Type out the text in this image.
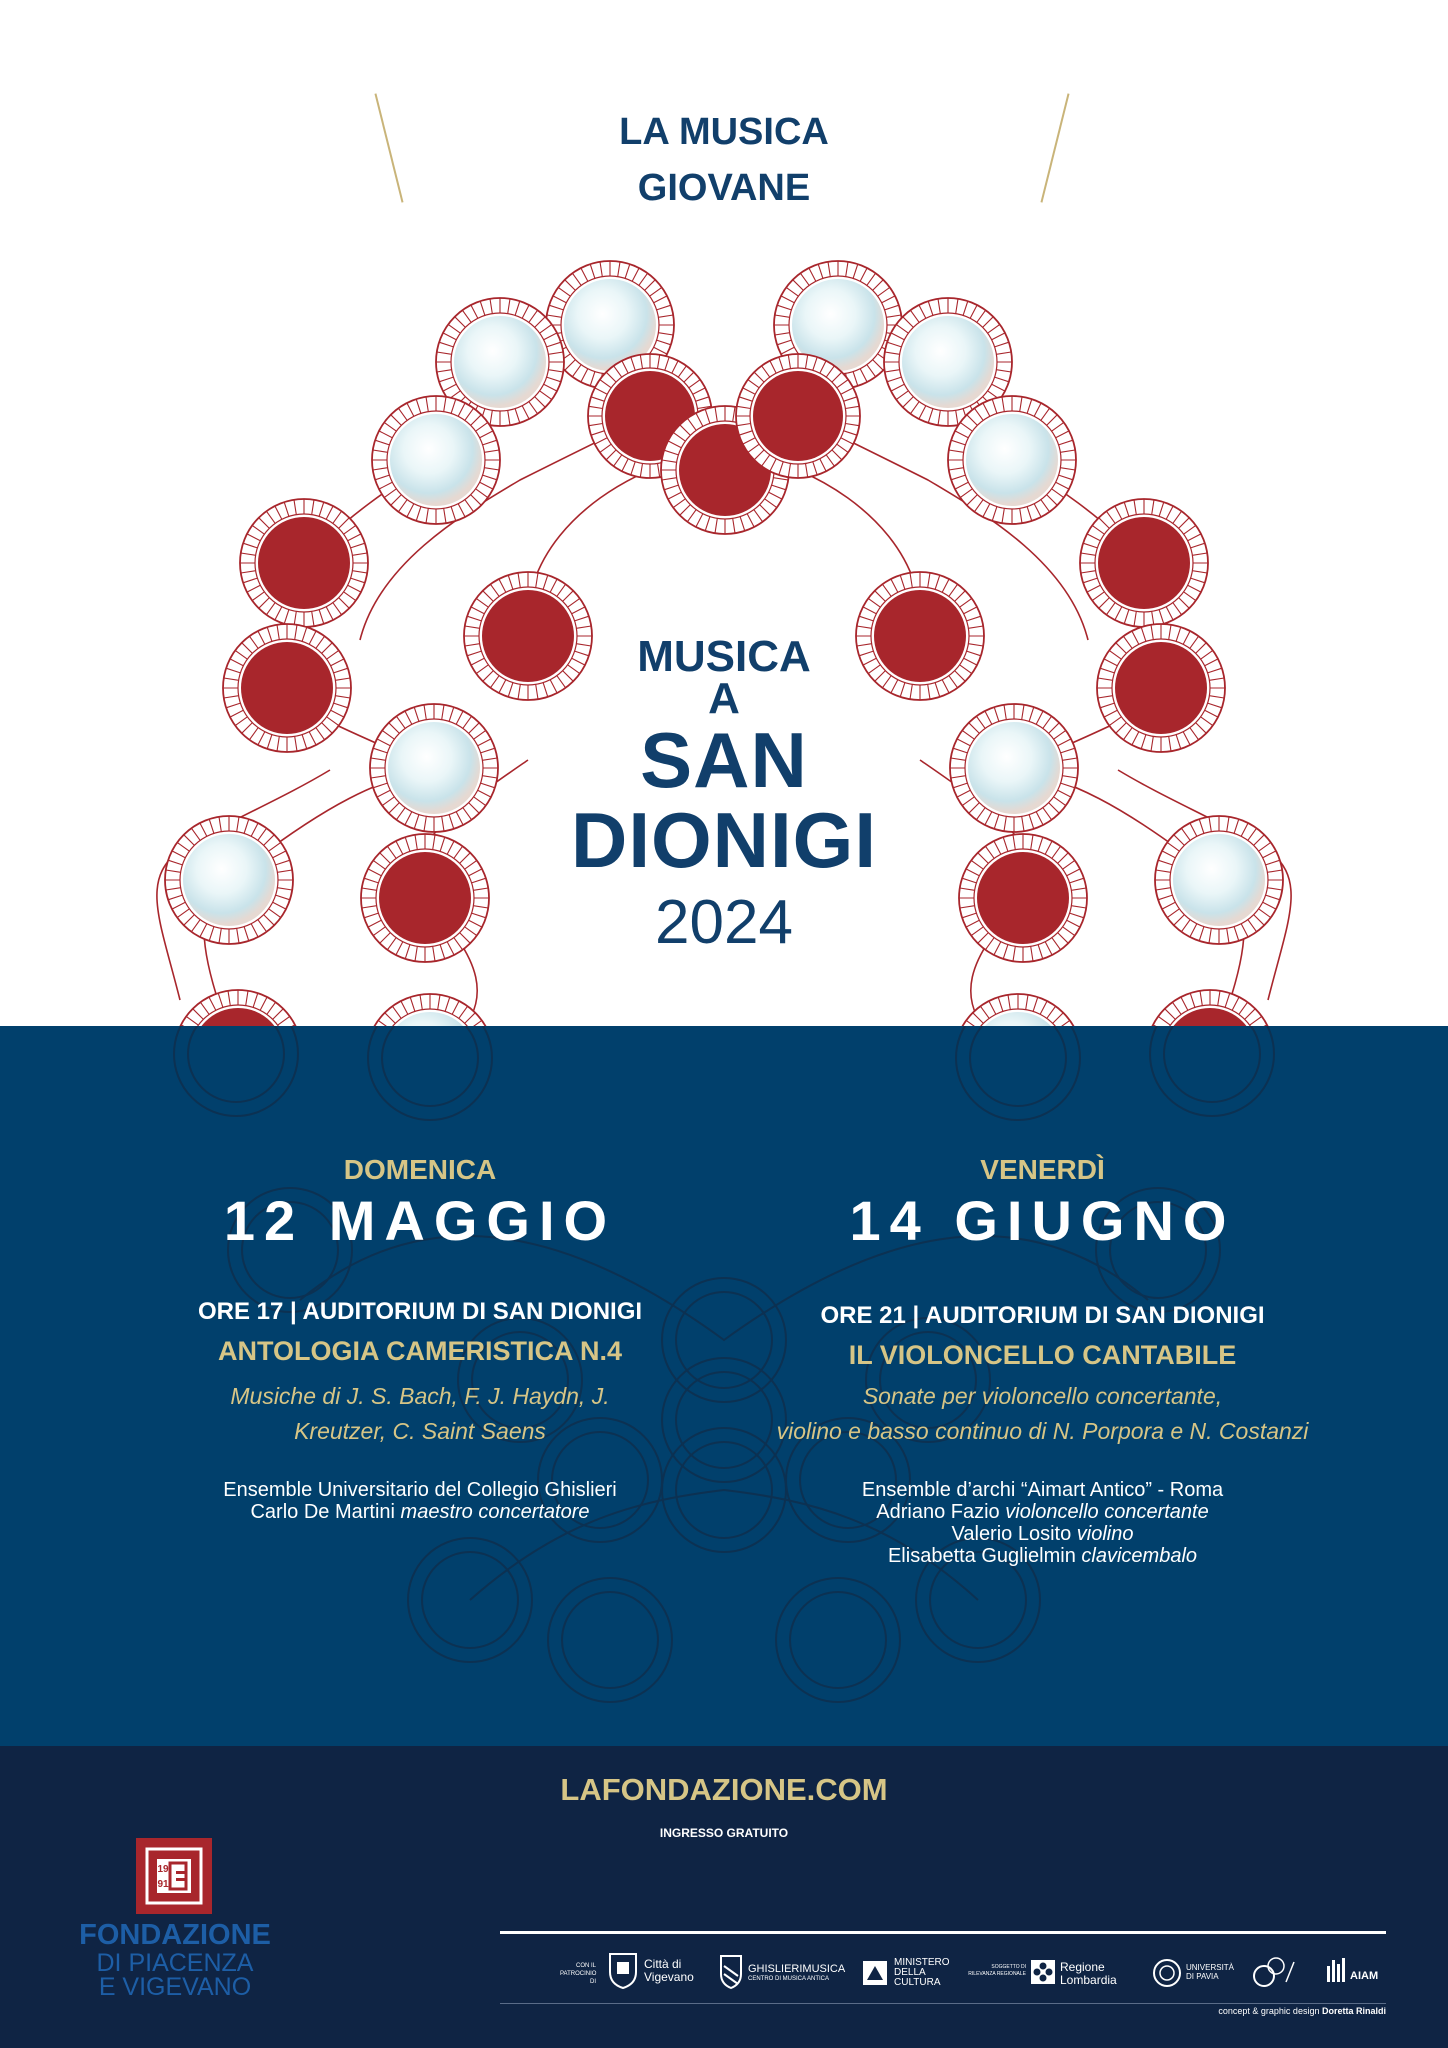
LA MUSICA
GIOVANE
MUSICA
A
SAN
DIONIGI
2024
DOMENICA
12 MAGGIO
ORE 17 | AUDITORIUM DI SAN DIONIGI
ANTOLOGIA CAMERISTICA N.4
Musiche di J. S. Bach, F. J. Haydn, J.
Kreutzer, C. Saint Saens
Ensemble Universitario del Collegio Ghislieri
Carlo De Martini maestro concertatore
VENERDÌ
14 GIUGNO
ORE 21 | AUDITORIUM DI SAN DIONIGI
IL VIOLONCELLO CANTABILE
Sonate per violoncello concertante,
violino e basso continuo di N. Porpora e N. Costanzi
Ensemble d’archi “Aimart Antico” - Roma
Adriano Fazio violoncello concertante
Valerio Losito violino
Elisabetta Guglielmin clavicembalo
LAFONDAZIONE.COM
INGRESSO GRATUITO
19
91
FONDAZIONE
DI PIACENZA
E VIGEVANO
CON IL
PATROCINIO DI
Città di
Vigevano
GHISLIERIMUSICA
CENTRO DI MUSICA ANTICA
MINISTERO
DELLA
CULTURA
SOGGETTO DI
RILEVANZA REGIONALE	Regione
Lombardia
UNIVERSITÀ
DI PAVIA	AIAM
concept & graphic design Doretta Rinaldi
